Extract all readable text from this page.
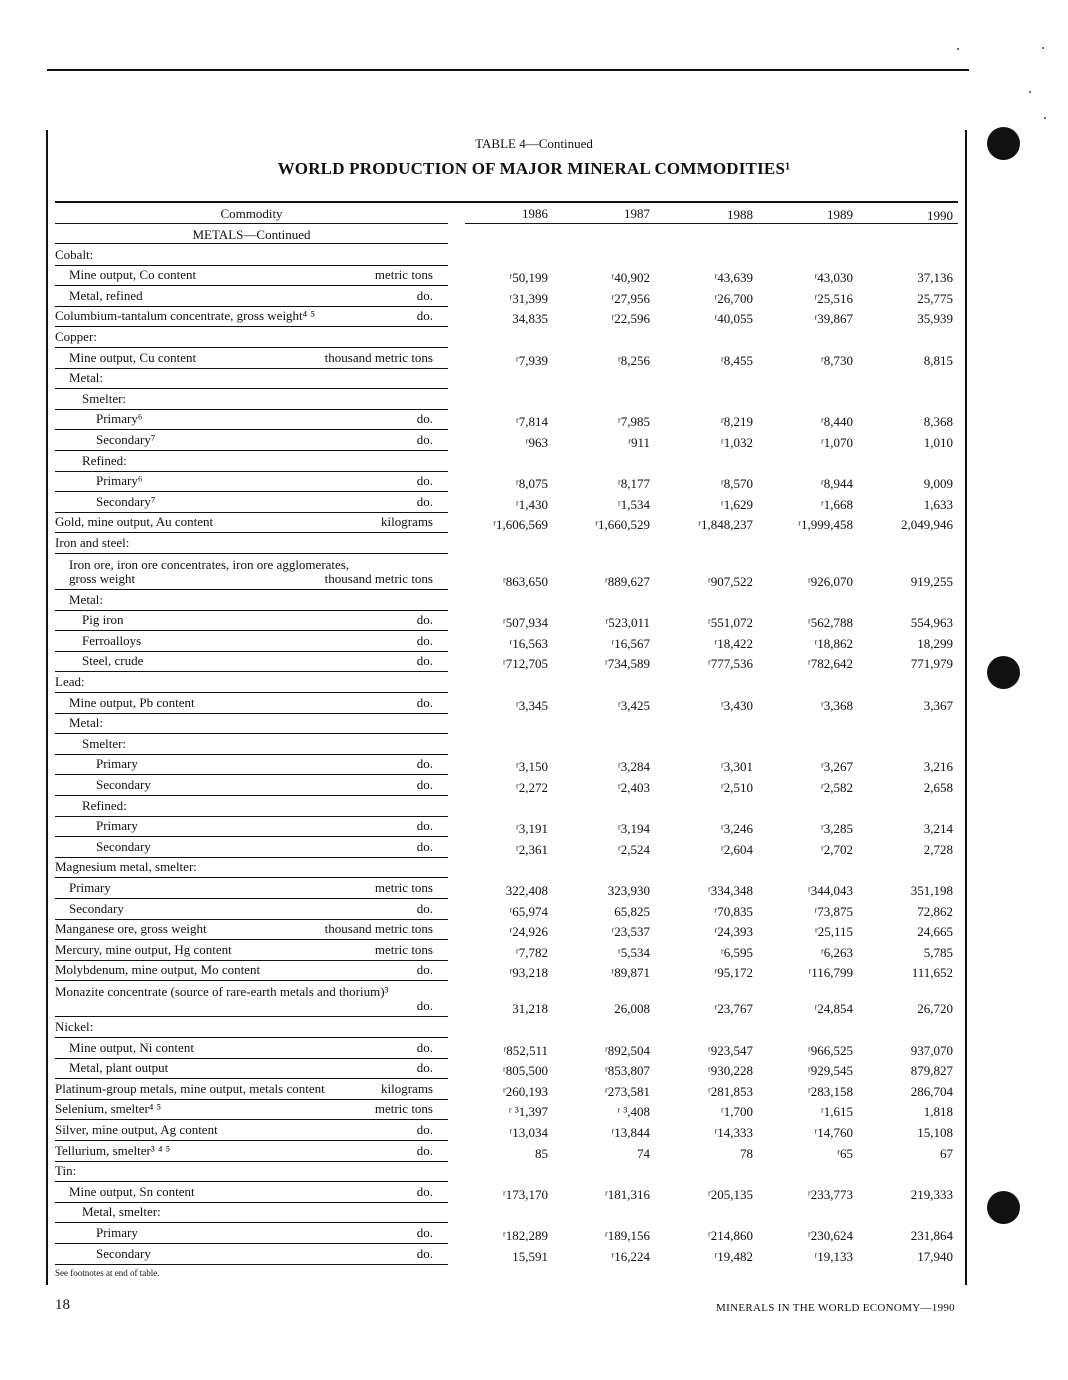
TABLE 4—Continued
WORLD PRODUCTION OF MAJOR MINERAL COMMODITIES¹
Commodity	1986	1987	1988	1989	1990
METALS—Continued
Cobalt:
Mine output, Co content	metric tons	ʳ50,199	ʳ40,902	ʳ43,639	ʳ43,030	37,136
Metal, refined	do.	ʳ31,399	ʳ27,956	ʳ26,700	ʳ25,516	25,775
Columbium-tantalum concentrate, gross weight⁴ ⁵	do.	34,835	ʳ22,596	ʳ40,055	ʳ39,867	35,939
Copper:
Mine output, Cu content	thousand metric tons	ʳ7,939	ʳ8,256	ʳ8,455	ʳ8,730	8,815
Metal:
Smelter:
Primary⁶	do.	ʳ7,814	ʳ7,985	ʳ8,219	ʳ8,440	8,368
Secondary⁷	do.	ʳ963	ʳ911	ʳ1,032	ʳ1,070	1,010
Refined:
Primary⁶	do.	ʳ8,075	ʳ8,177	ʳ8,570	ʳ8,944	9,009
Secondary⁷	do.	ʳ1,430	ʳ1,534	ʳ1,629	ʳ1,668	1,633
Gold, mine output, Au content	kilograms	ʳ1,606,569	ʳ1,660,529	ʳ1,848,237	ʳ1,999,458	2,049,946
Iron and steel:
Iron ore, iron ore concentrates, iron ore agglomerates,
gross weight	thousand metric tons	ʳ863,650	ʳ889,627	ʳ907,522	ʳ926,070	919,255
Metal:
Pig iron	do.	ʳ507,934	ʳ523,011	ʳ551,072	ʳ562,788	554,963
Ferroalloys	do.	ʳ16,563	ʳ16,567	ʳ18,422	ʳ18,862	18,299
Steel, crude	do.	ʳ712,705	ʳ734,589	ʳ777,536	ʳ782,642	771,979
Lead:
Mine output, Pb content	do.	ʳ3,345	ʳ3,425	ʳ3,430	ʳ3,368	3,367
Metal:
Smelter:
Primary	do.	ʳ3,150	ʳ3,284	ʳ3,301	ʳ3,267	3,216
Secondary	do.	ʳ2,272	ʳ2,403	ʳ2,510	ʳ2,582	2,658
Refined:
Primary	do.	ʳ3,191	ʳ3,194	ʳ3,246	ʳ3,285	3,214
Secondary	do.	ʳ2,361	ʳ2,524	ʳ2,604	ʳ2,702	2,728
Magnesium metal, smelter:
Primary	metric tons	322,408	323,930	ʳ334,348	ʳ344,043	351,198
Secondary	do.	ʳ65,974	65,825	ʳ70,835	ʳ73,875	72,862
Manganese ore, gross weight	thousand metric tons	ʳ24,926	ʳ23,537	ʳ24,393	ʳ25,115	24,665
Mercury, mine output, Hg content	metric tons	ʳ7,782	ʳ5,534	ʳ6,595	ʳ6,263	5,785
Molybdenum, mine output, Mo content	do.	ʳ93,218	ʳ89,871	ʳ95,172	ʳ116,799	111,652
Monazite concentrate (source of rare-earth metals and thorium)³
do.	31,218	26,008	ʳ23,767	ʳ24,854	26,720
Nickel:
Mine output, Ni content	do.	ʳ852,511	ʳ892,504	ʳ923,547	ʳ966,525	937,070
Metal, plant output	do.	ʳ805,500	ʳ853,807	ʳ930,228	ʳ929,545	879,827
Platinum-group metals, mine output, metals content	kilograms	ʳ260,193	ʳ273,581	ʳ281,853	ʳ283,158	286,704
Selenium, smelter⁴ ⁵	metric tons	ʳ ³1,397	ʳ ³,408	ʳ1,700	ʳ1,615	1,818
Silver, mine output, Ag content	do.	ʳ13,034	ʳ13,844	ʳ14,333	ʳ14,760	15,108
Tellurium, smelter³ ⁴ ⁵	do.	85	74	78	ʳ65	67
Tin:
Mine output, Sn content	do.	ʳ173,170	ʳ181,316	ʳ205,135	ʳ233,773	219,333
Metal, smelter:
Primary	do.	ʳ182,289	ʳ189,156	ʳ214,860	ʳ230,624	231,864
Secondary	do.	15,591	ʳ16,224	ʳ19,482	ʳ19,133	17,940
See footnotes at end of table.
18	MINERALS IN THE WORLD ECONOMY—1990
